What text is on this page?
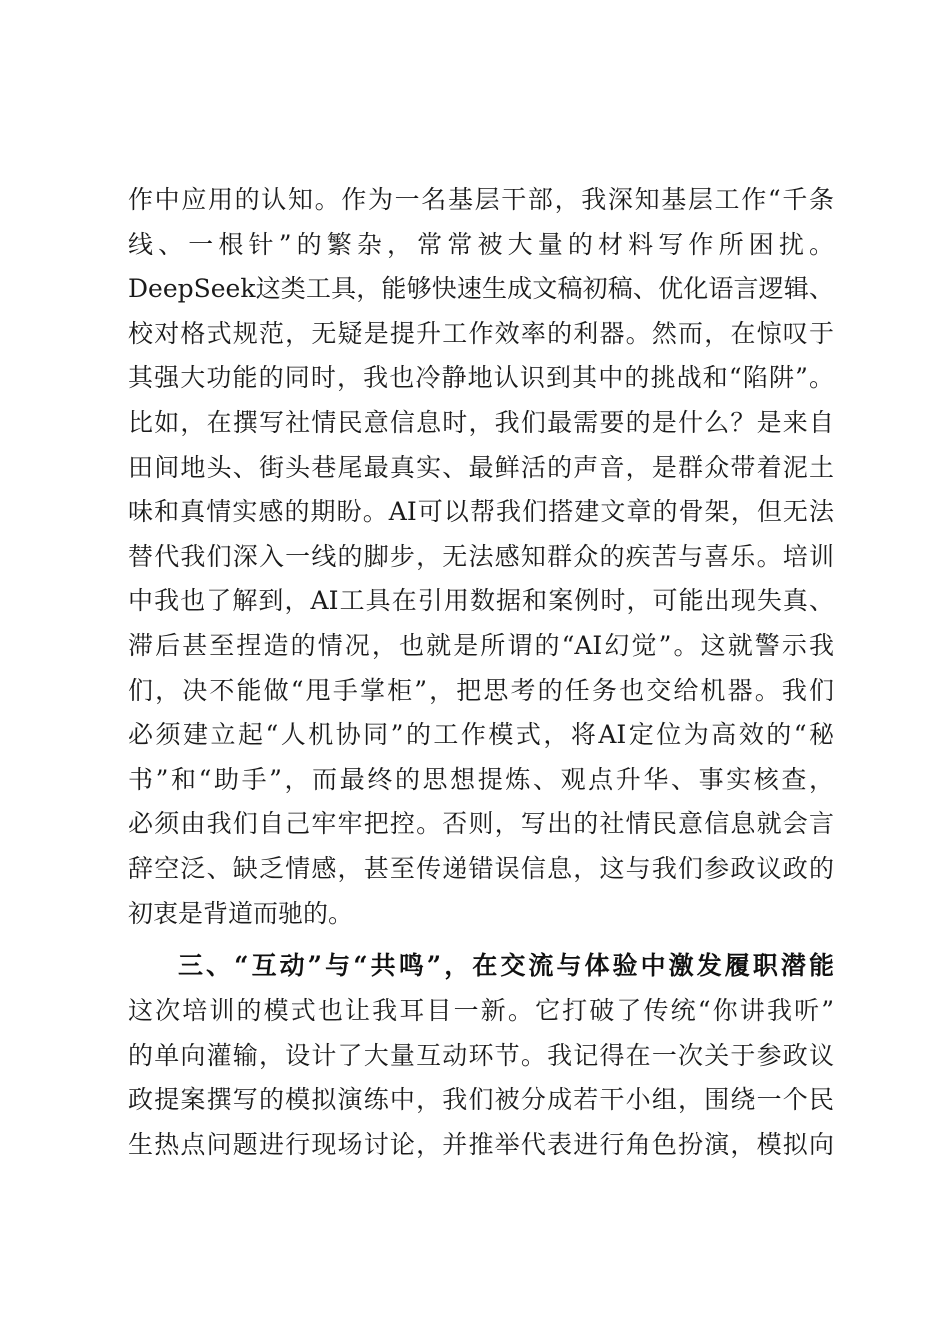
作中应用的认知。作为一名基层干部，我深知基层工作“千条
线、一根针”的繁杂，常常被大量的材料写作所困扰。
DeepSeek这类工具，能够快速生成文稿初稿、优化语言逻辑、
校对格式规范，无疑是提升工作效率的利器。然而，在惊叹于
其强大功能的同时，我也冷静地认识到其中的挑战和“陷阱”。
比如，在撰写社情民意信息时，我们最需要的是什么？是来自
田间地头、街头巷尾最真实、最鲜活的声音，是群众带着泥土
味和真情实感的期盼。AI可以帮我们搭建文章的骨架，但无法
替代我们深入一线的脚步，无法感知群众的疾苦与喜乐。培训
中我也了解到，AI工具在引用数据和案例时，可能出现失真、
滞后甚至捏造的情况，也就是所谓的“AI幻觉”。这就警示我
们，决不能做“甩手掌柜”，把思考的任务也交给机器。我们
必须建立起“人机协同”的工作模式，将AI定位为高效的“秘
书”和“助手”，而最终的思想提炼、观点升华、事实核查，
必须由我们自己牢牢把控。否则，写出的社情民意信息就会言
辞空泛、缺乏情感，甚至传递错误信息，这与我们参政议政的
初衷是背道而驰的。
三、“互动”与“共鸣”，在交流与体验中激发履职潜能
这次培训的模式也让我耳目一新。它打破了传统“你讲我听”
的单向灌输，设计了大量互动环节。我记得在一次关于参政议
政提案撰写的模拟演练中，我们被分成若干小组，围绕一个民
生热点问题进行现场讨论，并推举代表进行角色扮演，模拟向
